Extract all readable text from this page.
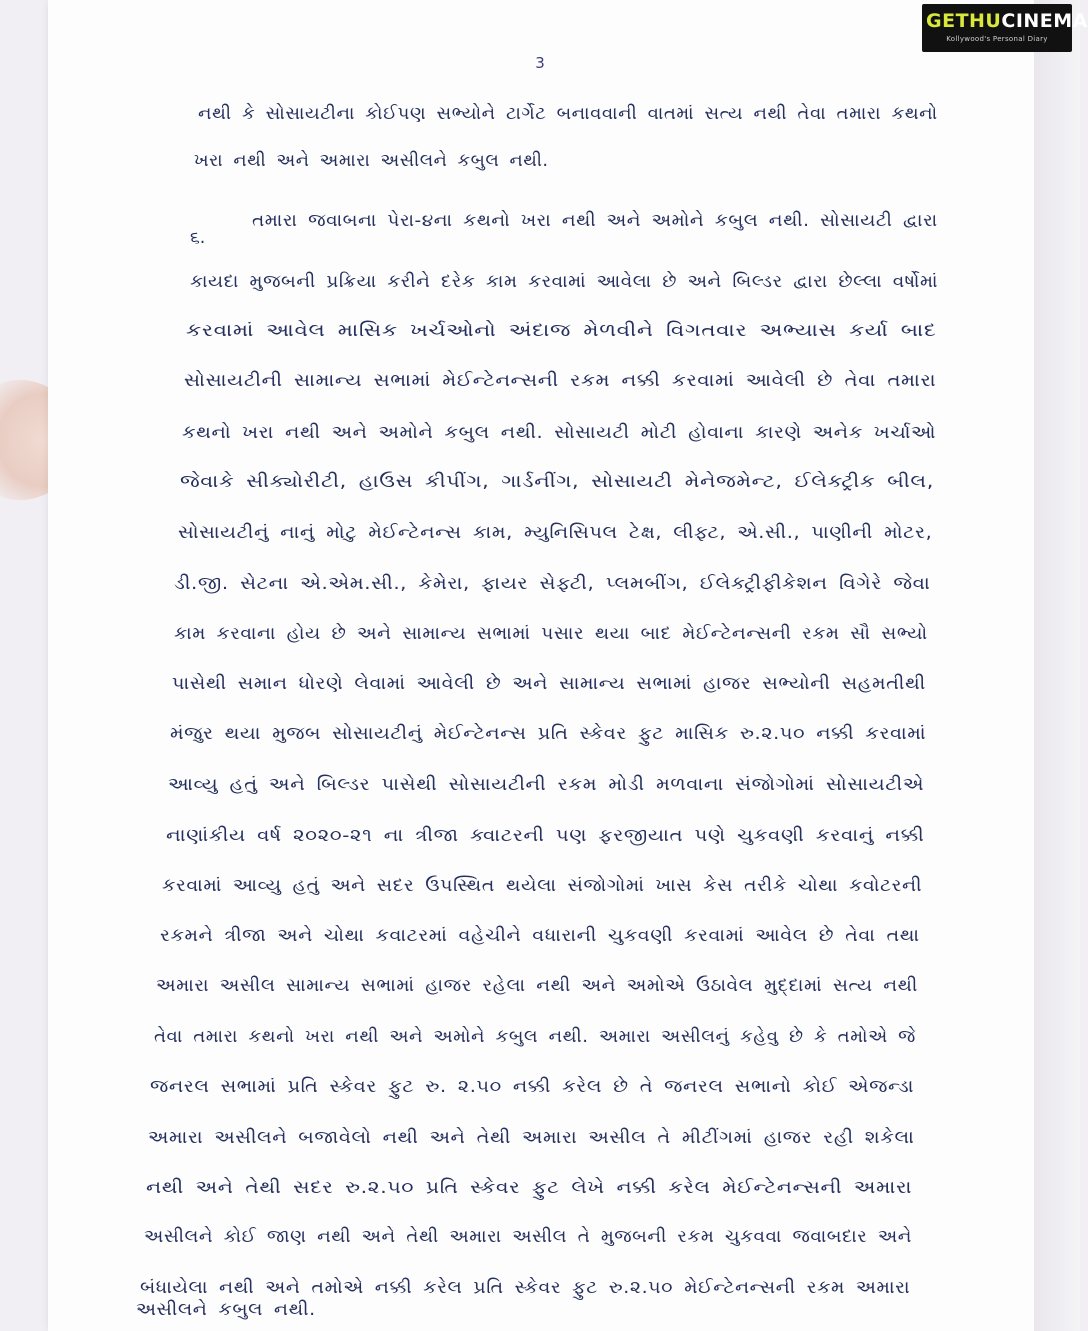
3
૬.
નથી કે સોસાયટીના કોઈપણ સભ્યોને ટાર્ગેટ બનાવવાની વાતમાં સત્ય નથી તેવા તમારા કથનો
ખરા નથી અને અમારા અસીલને કબુલ નથી.
તમારા જવાબના પેરા-૪ના કથનો ખરા નથી અને અમોને કબુલ નથી. સોસાયટી દ્વારા
કાયદા મુજબની પ્રક્રિયા કરીને દરેક કામ કરવામાં આવેલા છે અને બિલ્ડર દ્વારા છેલ્લા વર્ષોમાં
કરવામાં આવેલ માસિક ખર્ચઓનો અંદાજ મેળવીને વિગતવાર અભ્યાસ કર્યા બાદ
સોસાયટીની સામાન્ય સભામાં મેઈન્ટેનન્સની રકમ નક્કી કરવામાં આવેલી છે તેવા તમારા
કથનો ખરા નથી અને અમોને કબુલ નથી. સોસાયટી મોટી હોવાના કારણે અનેક ખર્ચાઓ
જેવાકે સીક્યોરીટી, હાઉસ કીપીંગ, ગાર્ડનીંગ, સોસાયટી મેનેજમેન્ટ, ઈલેક્ટ્રીક બીલ,
સોસાયટીનું નાનું મોટુ મેઈન્ટેનન્સ કામ, મ્યુનિસિપલ ટેક્ષ, લીફ્ટ, એ.સી., પાણીની મોટર,
ડી.જી. સેટના એ.એમ.સી., કેમેરા, ફાયર સેફ્ટી, પ્લમબીંગ, ઈલેક્ટ્રીફીકેશન વિગેરે જેવા
કામ કરવાના હોય છે અને સામાન્ય સભામાં પસાર થયા બાદ મેઈન્ટેનન્સની રકમ સૌ સભ્યો
પાસેથી સમાન ધોરણે લેવામાં આવેલી છે અને સામાન્ય સભામાં હાજર સભ્યોની સહમતીથી
મંજુર થયા મુજબ સોસાયટીનું મેઈન્ટેનન્સ પ્રતિ સ્કેવર ફુટ માસિક રુ.૨.૫૦ નક્કી કરવામાં
આવ્યુ હતું અને બિલ્ડર પાસેથી સોસાયટીની રકમ મોડી મળવાના સંજોગોમાં સોસાયટીએ
નાણાંકીય વર્ષ ૨૦૨૦-૨૧ ના ત્રીજા ક્વાટરની પણ ફરજીયાત પણે ચુકવણી કરવાનું નક્કી
કરવામાં આવ્યુ હતું અને સદર ઉપસ્થિત થયેલા સંજોગોમાં ખાસ કેસ તરીકે ચોથા કવોટરની
રકમને ત્રીજા અને ચોથા કવાટરમાં વહેચીને વધારાની ચુકવણી કરવામાં આવેલ છે તેવા તથા
અમારા અસીલ સામાન્ય સભામાં હાજર રહેલા નથી અને અમોએ ઉઠાવેલ મુદ્દામાં સત્ય નથી
તેવા તમારા કથનો ખરા નથી અને અમોને કબુલ નથી. અમારા અસીલનું કહેવુ છે કે તમોએ જે
જનરલ સભામાં પ્રતિ સ્કેવર ફુટ રુ. ૨.૫૦ નક્કી કરેલ છે તે જનરલ સભાનો કોઈ એજન્ડા
અમારા અસીલને બજાવેલો નથી અને તેથી અમારા અસીલ તે મીટીંગમાં હાજર રહી શકેલા
નથી અને તેથી સદર રુ.૨.૫૦ પ્રતિ સ્કેવર ફુટ લેખે નક્કી કરેલ મેઈન્ટેનન્સની અમારા
અસીલને કોઈ જાણ નથી અને તેથી અમારા અસીલ તે મુજબની રકમ ચુકવવા જવાબદાર અને
બંધાયેલા નથી અને તમોએ નક્કી કરેલ પ્રતિ સ્કેવર ફુટ રુ.૨.૫૦ મેઈન્ટેનન્સની રકમ અમારા
અસીલને કબુલ નથી.
GETHUCINEMA
Kollywood's Personal Diary
